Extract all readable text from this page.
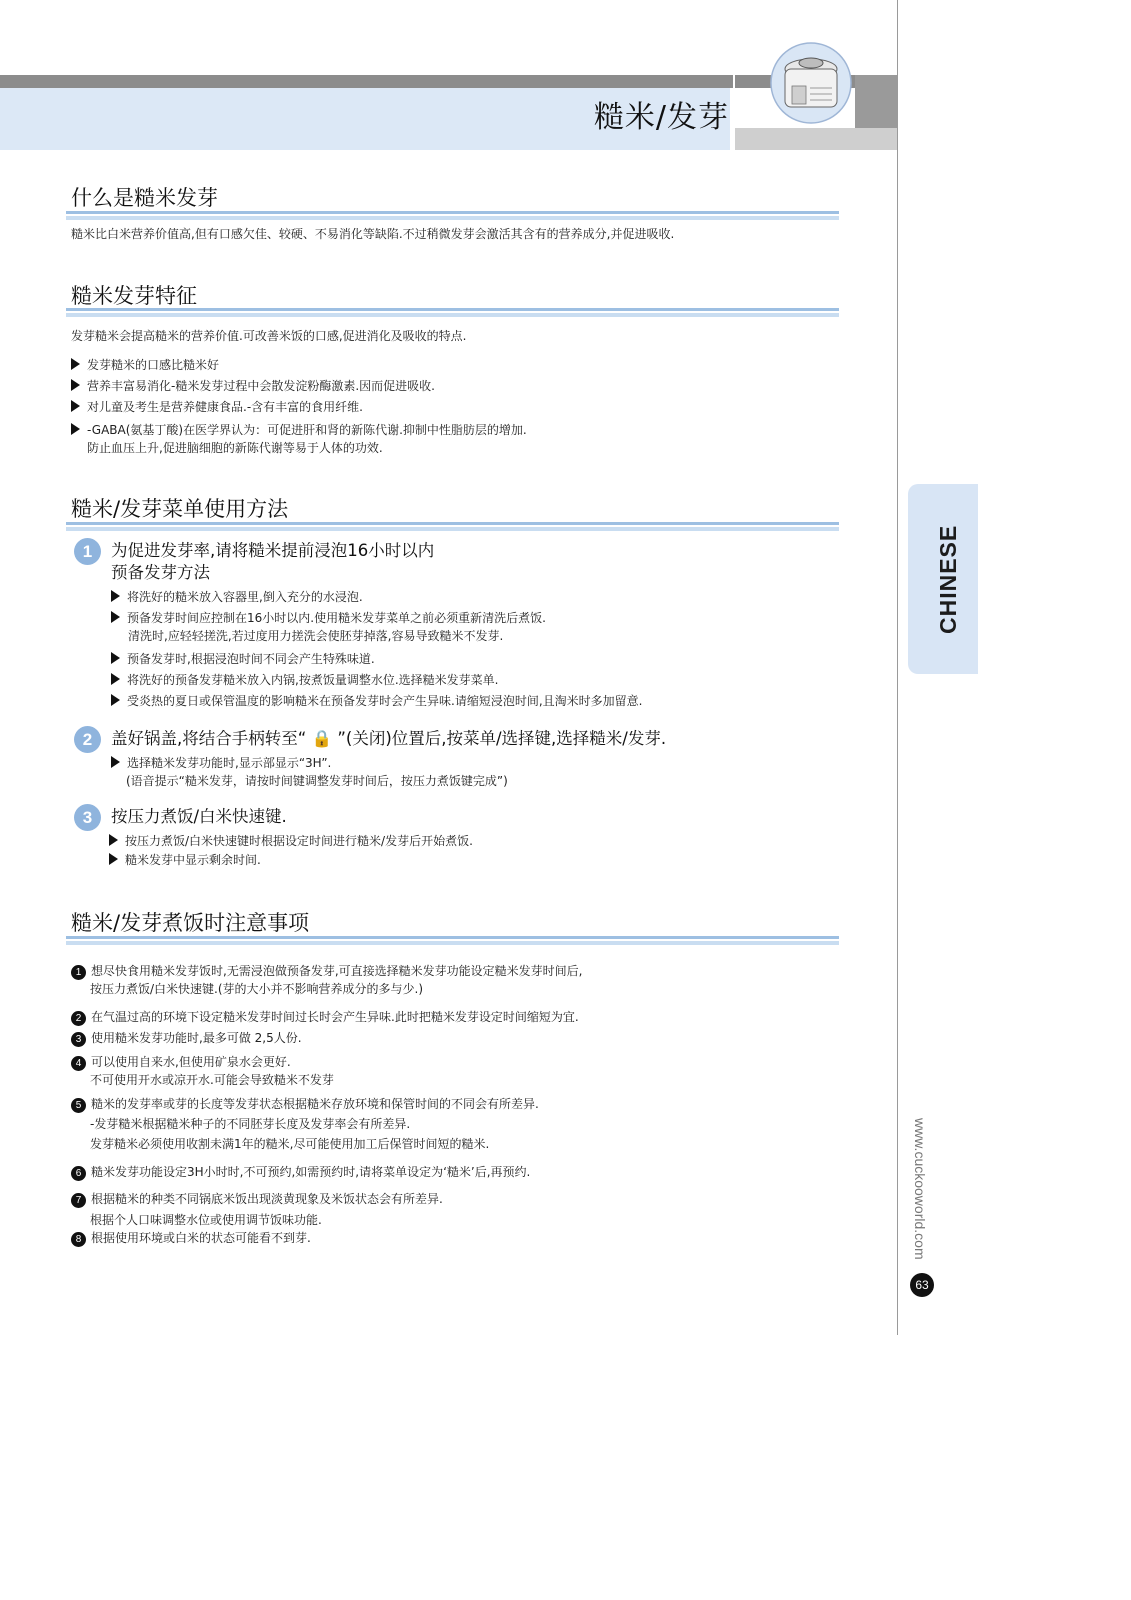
糙米/发芽
CHINESE
www.cuckooworld.com
63
什么是糙米发芽
糙米比白米营养价值高,但有口感欠佳、较硬、不易消化等缺陷.不过稍微发芽会激活其含有的营养成分,并促进吸收.
糙米发芽特征
发芽糙米会提高糙米的营养价值.可改善米饭的口感,促进消化及吸收的特点.
发芽糙米的口感比糙米好
营养丰富易消化-糙米发芽过程中会散发淀粉酶激素.因而促进吸收.
对儿童及考生是营养健康食品.-含有丰富的食用纤维.
-GABA(氨基丁酸)在医学界认为：可促进肝和肾的新陈代谢.抑制中性脂肪层的增加.
防止血压上升,促进脑细胞的新陈代谢等易于人体的功效.
糙米/发芽菜单使用方法
1	为促进发芽率,请将糙米提前浸泡16小时以内
预备发芽方法
将洗好的糙米放入容器里,倒入充分的水浸泡.
预备发芽时间应控制在16小时以内.使用糙米发芽菜单之前必须重新清洗后煮饭.
清洗时,应轻轻搓洗,若过度用力搓洗会使胚芽掉落,容易导致糙米不发芽.
预备发芽时,根据浸泡时间不同会产生特殊味道.
将洗好的预备发芽糙米放入内锅,按煮饭量调整水位.选择糙米发芽菜单.
受炎热的夏日或保管温度的影响糙米在预备发芽时会产生异味.请缩短浸泡时间,且淘米时多加留意.
2	盖好锅盖,将结合手柄转至“ 🔒 ”(关闭)位置后,按菜单/选择键,选择糙米/发芽.
选择糙米发芽功能时,显示部显示“3H”.
(语音提示“糙米发芽，请按时间键调整发芽时间后，按压力煮饭键完成”)
3	按压力煮饭/白米快速键.
按压力煮饭/白米快速键时根据设定时间进行糙米/发芽后开始煮饭.
糙米发芽中显示剩余时间.
糙米/发芽煮饭时注意事项
1 想尽快食用糙米发芽饭时,无需浸泡做预备发芽,可直接选择糙米发芽功能设定糙米发芽时间后,
按压力煮饭/白米快速键.(芽的大小并不影响营养成分的多与少.)
2 在气温过高的环境下设定糙米发芽时间过长时会产生异味.此时把糙米发芽设定时间缩短为宜.
3 使用糙米发芽功能时,最多可做 2,5人份.
4 可以使用自来水,但使用矿泉水会更好.
不可使用开水或凉开水.可能会导致糙米不发芽
5 糙米的发芽率或芽的长度等发芽状态根据糙米存放环境和保管时间的不同会有所差异.
-发芽糙米根据糙米种子的不同胚芽长度及发芽率会有所差异.
发芽糙米必须使用收割未满1年的糙米,尽可能使用加工后保管时间短的糙米.
6 糙米发芽功能设定3H小时时,不可预约,如需预约时,请将菜单设定为‘糙米’后,再预约.
7 根据糙米的种类不同锅底米饭出现淡黄现象及米饭状态会有所差异.
根据个人口味调整水位或使用调节饭味功能.
8 根据使用环境或白米的状态可能看不到芽.
